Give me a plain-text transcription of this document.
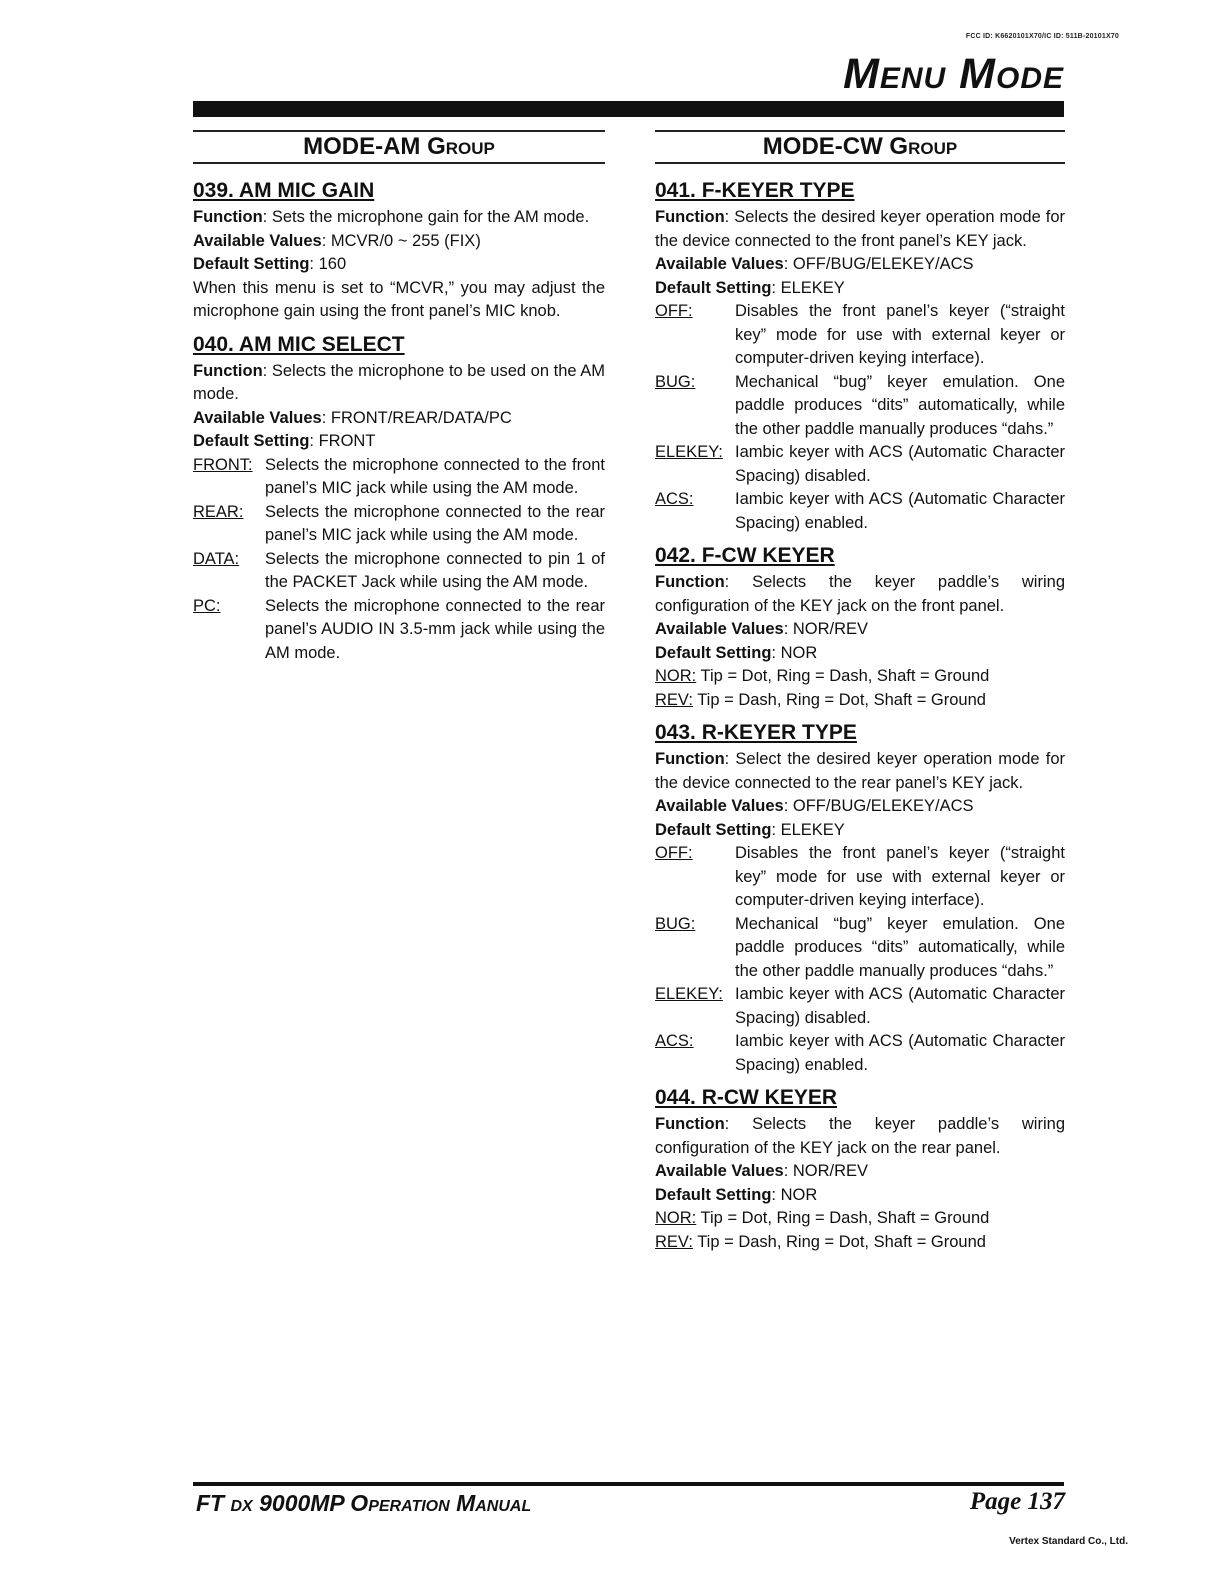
FCC ID: K6620101X70/IC ID: 511B-20101X70
Menu Mode
MODE-AM Group
039. AM MIC GAIN

Function: Sets the microphone gain for the AM mode.

Available Values: MCVR/0 ~ 255 (FIX)

Default Setting: 160

When this menu is set to “MCVR,” you may adjust the microphone gain using the front panel’s MIC knob.

040. AM MIC SELECT

Function: Selects the microphone to be used on the AM mode.

Available Values: FRONT/REAR/DATA/PC

Default Setting: FRONT

FRONT: Selects the microphone connected to the front panel’s MIC jack while using the AM mode.
REAR:	Selects the microphone connected to the rear panel’s MIC jack while using the AM mode.
DATA:	Selects the microphone connected to pin 1 of the PACKET Jack while using the AM mode.
PC:	Selects the microphone connected to the rear panel’s AUDIO IN 3.5-mm jack while using the AM mode.
MODE-CW Group
041. F-KEYER TYPE

Function: Selects the desired keyer operation mode for the device connected to the front panel’s KEY jack.

Available Values: OFF/BUG/ELEKEY/ACS

Default Setting: ELEKEY

OFF:	Disables the front panel’s keyer (“straight key” mode for use with external keyer or computer-driven keying interface).
BUG:	Mechanical “bug” keyer emulation. One paddle produces “dits” automatically, while the other paddle manually produces “dahs.”
ELEKEY: Iambic keyer with ACS (Automatic Character Spacing) disabled.
ACS:	Iambic keyer with ACS (Automatic Character Spacing) enabled.
042. F-CW KEYER

Function: Selects the keyer paddle’s wiring configuration of the KEY jack on the front panel.

Available Values: NOR/REV

Default Setting: NOR

NOR: Tip = Dot, Ring = Dash, Shaft = Ground
REV: Tip = Dash, Ring = Dot, Shaft = Ground
043. R-KEYER TYPE

Function: Select the desired keyer operation mode for the device connected to the rear panel’s KEY jack.

Available Values: OFF/BUG/ELEKEY/ACS

Default Setting: ELEKEY

OFF:	Disables the front panel’s keyer (“straight key” mode for use with external keyer or computer-driven keying interface).
BUG:	Mechanical “bug” keyer emulation. One paddle produces “dits” automatically, while the other paddle manually produces “dahs.”
ELEKEY: Iambic keyer with ACS (Automatic Character Spacing) disabled.
ACS:	Iambic keyer with ACS (Automatic Character Spacing) enabled.
044. R-CW KEYER

Function: Selects the keyer paddle’s wiring configuration of the KEY jack on the rear panel.

Available Values: NOR/REV

Default Setting: NOR

NOR: Tip = Dot, Ring = Dash, Shaft = Ground
REV: Tip = Dash, Ring = Dot, Shaft = Ground
FT dx 9000MP Operation Manual	Page 137
Vertex Standard Co., Ltd.
